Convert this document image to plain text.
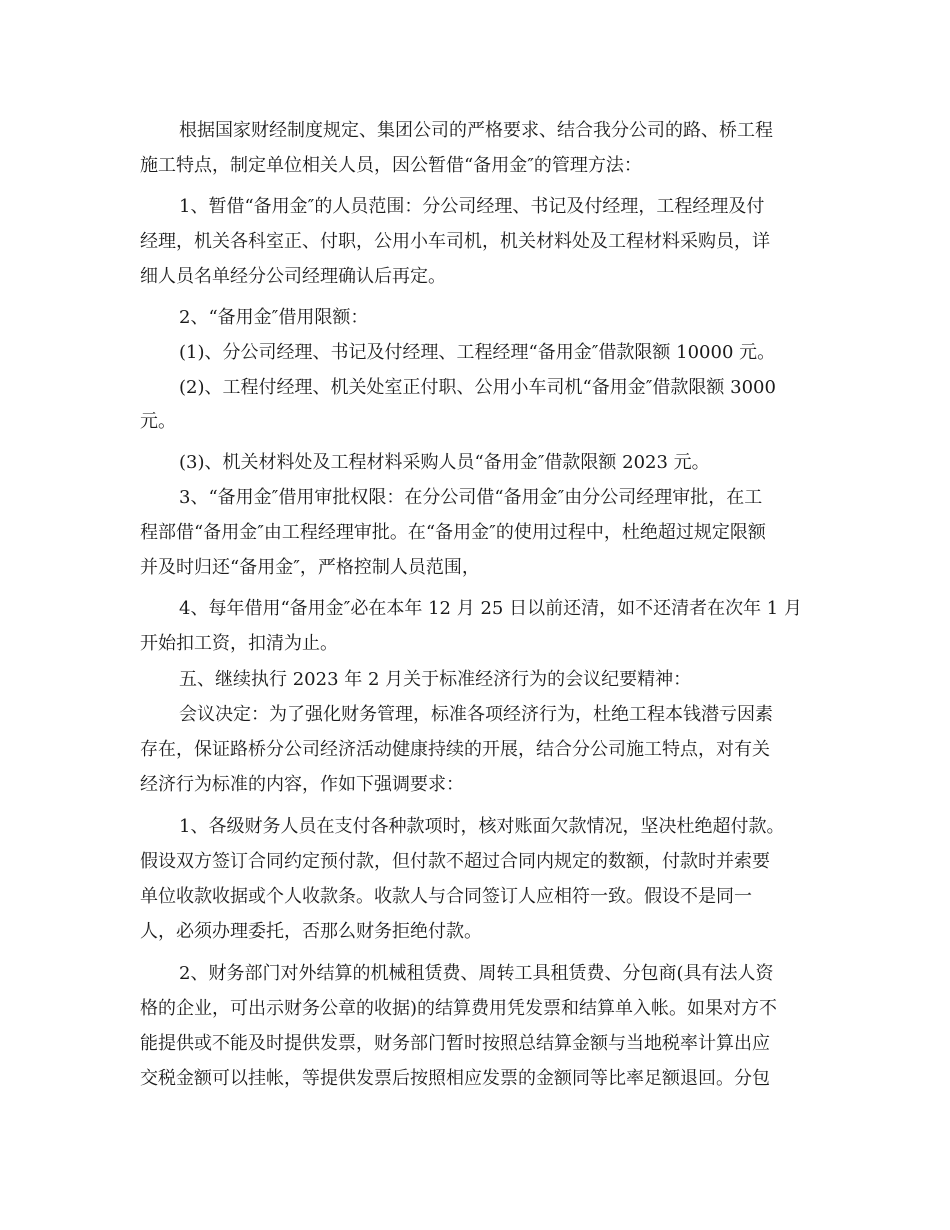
根据国家财经制度规定、集团公司的严格要求、结合我分公司的路、桥工程
施工特点，制定单位相关人员，因公暂借“备用金″的管理方法：
1、暂借“备用金″的人员范围：分公司经理、书记及付经理，工程经理及付
经理，机关各科室正、付职，公用小车司机，机关材料处及工程材料采购员，详
细人员名单经分公司经理确认后再定。
2、“备用金″借用限额：
(1)、分公司经理、书记及付经理、工程经理“备用金″借款限额 10000 元。
(2)、工程付经理、机关处室正付职、公用小车司机“备用金″借款限额 3000
元。
(3)、机关材料处及工程材料采购人员“备用金″借款限额 2023 元。
3、“备用金″借用审批权限：在分公司借“备用金″由分公司经理审批，在工
程部借“备用金″由工程经理审批。在“备用金″的使用过程中，杜绝超过规定限额
并及时归还“备用金″，严格控制人员范围，
4、每年借用“备用金″必在本年 12 月 25 日以前还清，如不还清者在次年 1 月
开始扣工资，扣清为止。
五、继续执行 2023 年 2 月关于标准经济行为的会议纪要精神：
会议决定：为了强化财务管理，标准各项经济行为，杜绝工程本钱潜亏因素
存在，保证路桥分公司经济活动健康持续的开展，结合分公司施工特点，对有关
经济行为标准的内容，作如下强调要求：
1、各级财务人员在支付各种款项时，核对账面欠款情况，坚决杜绝超付款。
假设双方签订合同约定预付款，但付款不超过合同内规定的数额，付款时并索要
单位收款收据或个人收款条。收款人与合同签订人应相符一致。假设不是同一
人，必须办理委托，否那么财务拒绝付款。
2、财务部门对外结算的机械租赁费、周转工具租赁费、分包商(具有法人资
格的企业，可出示财务公章的收据)的结算费用凭发票和结算单入帐。如果对方不
能提供或不能及时提供发票，财务部门暂时按照总结算金额与当地税率计算出应
交税金额可以挂帐，等提供发票后按照相应发票的金额同等比率足额退回。分包
